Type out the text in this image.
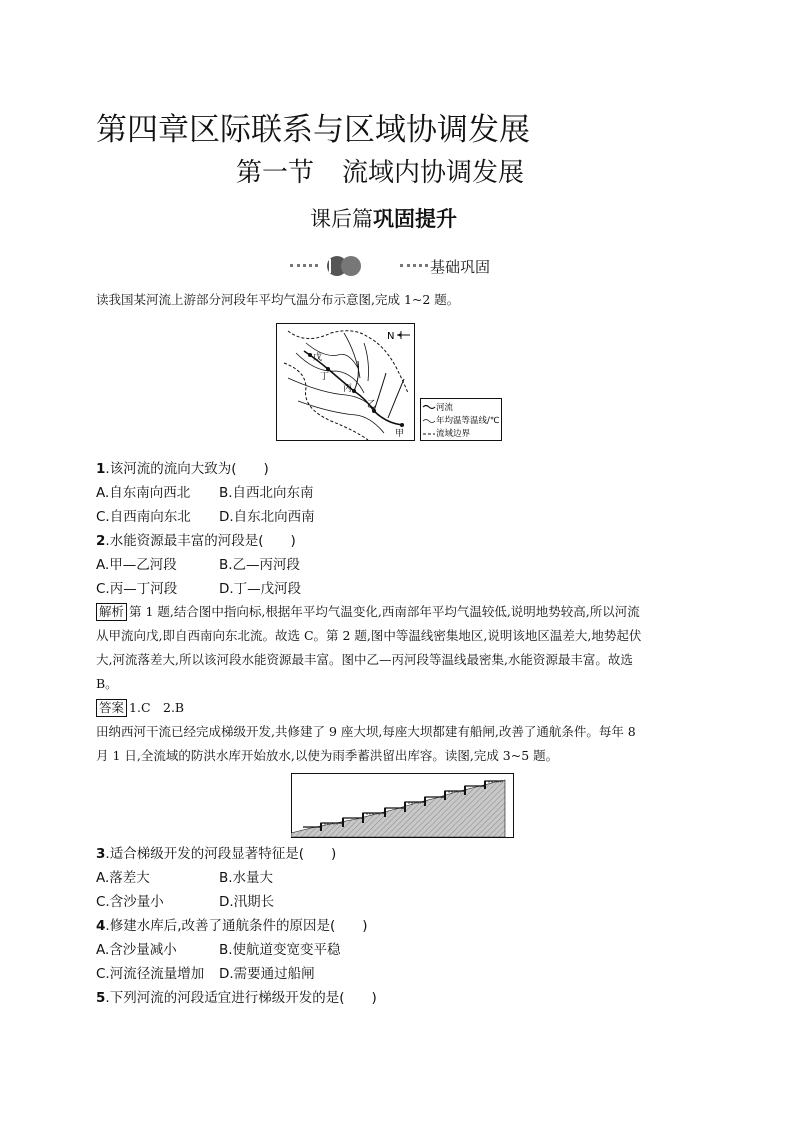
第四章区际联系与区域协调发展
第一节 流域内协调发展
课后篇巩固提升
基础巩固
读我国某河流上游部分河段年平均气温分布示意图,完成 1~2 题。
甲
乙
丙
丁
戊
N
河流
年均温等温线/℃
流域边界
1.该河流的流向大致为(　　)
A.自东南向西北 B.自西北向东南
C.自西南向东北 D.自东北向西南
2.水能资源最丰富的河段是(　　)
A.甲—乙河段	B.乙—丙河段
C.丙—丁河段	D.丁—戊河段
解析 第 1 题,结合图中指向标,根据年平均气温变化,西南部年平均气温较低,说明地势较高,所以河流
从甲流向戊,即自西南向东北流。故选 C。第 2 题,图中等温线密集地区,说明该地区温差大,地势起伏
大,河流落差大,所以该河段水能资源最丰富。图中乙—丙河段等温线最密集,水能资源最丰富。故选
B。
答案 1.C　2.B
田纳西河干流已经完成梯级开发,共修建了 9 座大坝,每座大坝都建有船闸,改善了通航条件。每年 8
月 1 日,全流域的防洪水库开始放水,以使为雨季蓄洪留出库容。读图,完成 3~5 题。
3.适合梯级开发的河段显著特征是(　　)
A.落差大	B.水量大
C.含沙量小	D.汛期长
4.修建水库后,改善了通航条件的原因是(　　)
A.含沙量减小	B.使航道变宽变平稳
C.河流径流量增加 D.需要通过船闸
5.下列河流的河段适宜进行梯级开发的是(　　)
